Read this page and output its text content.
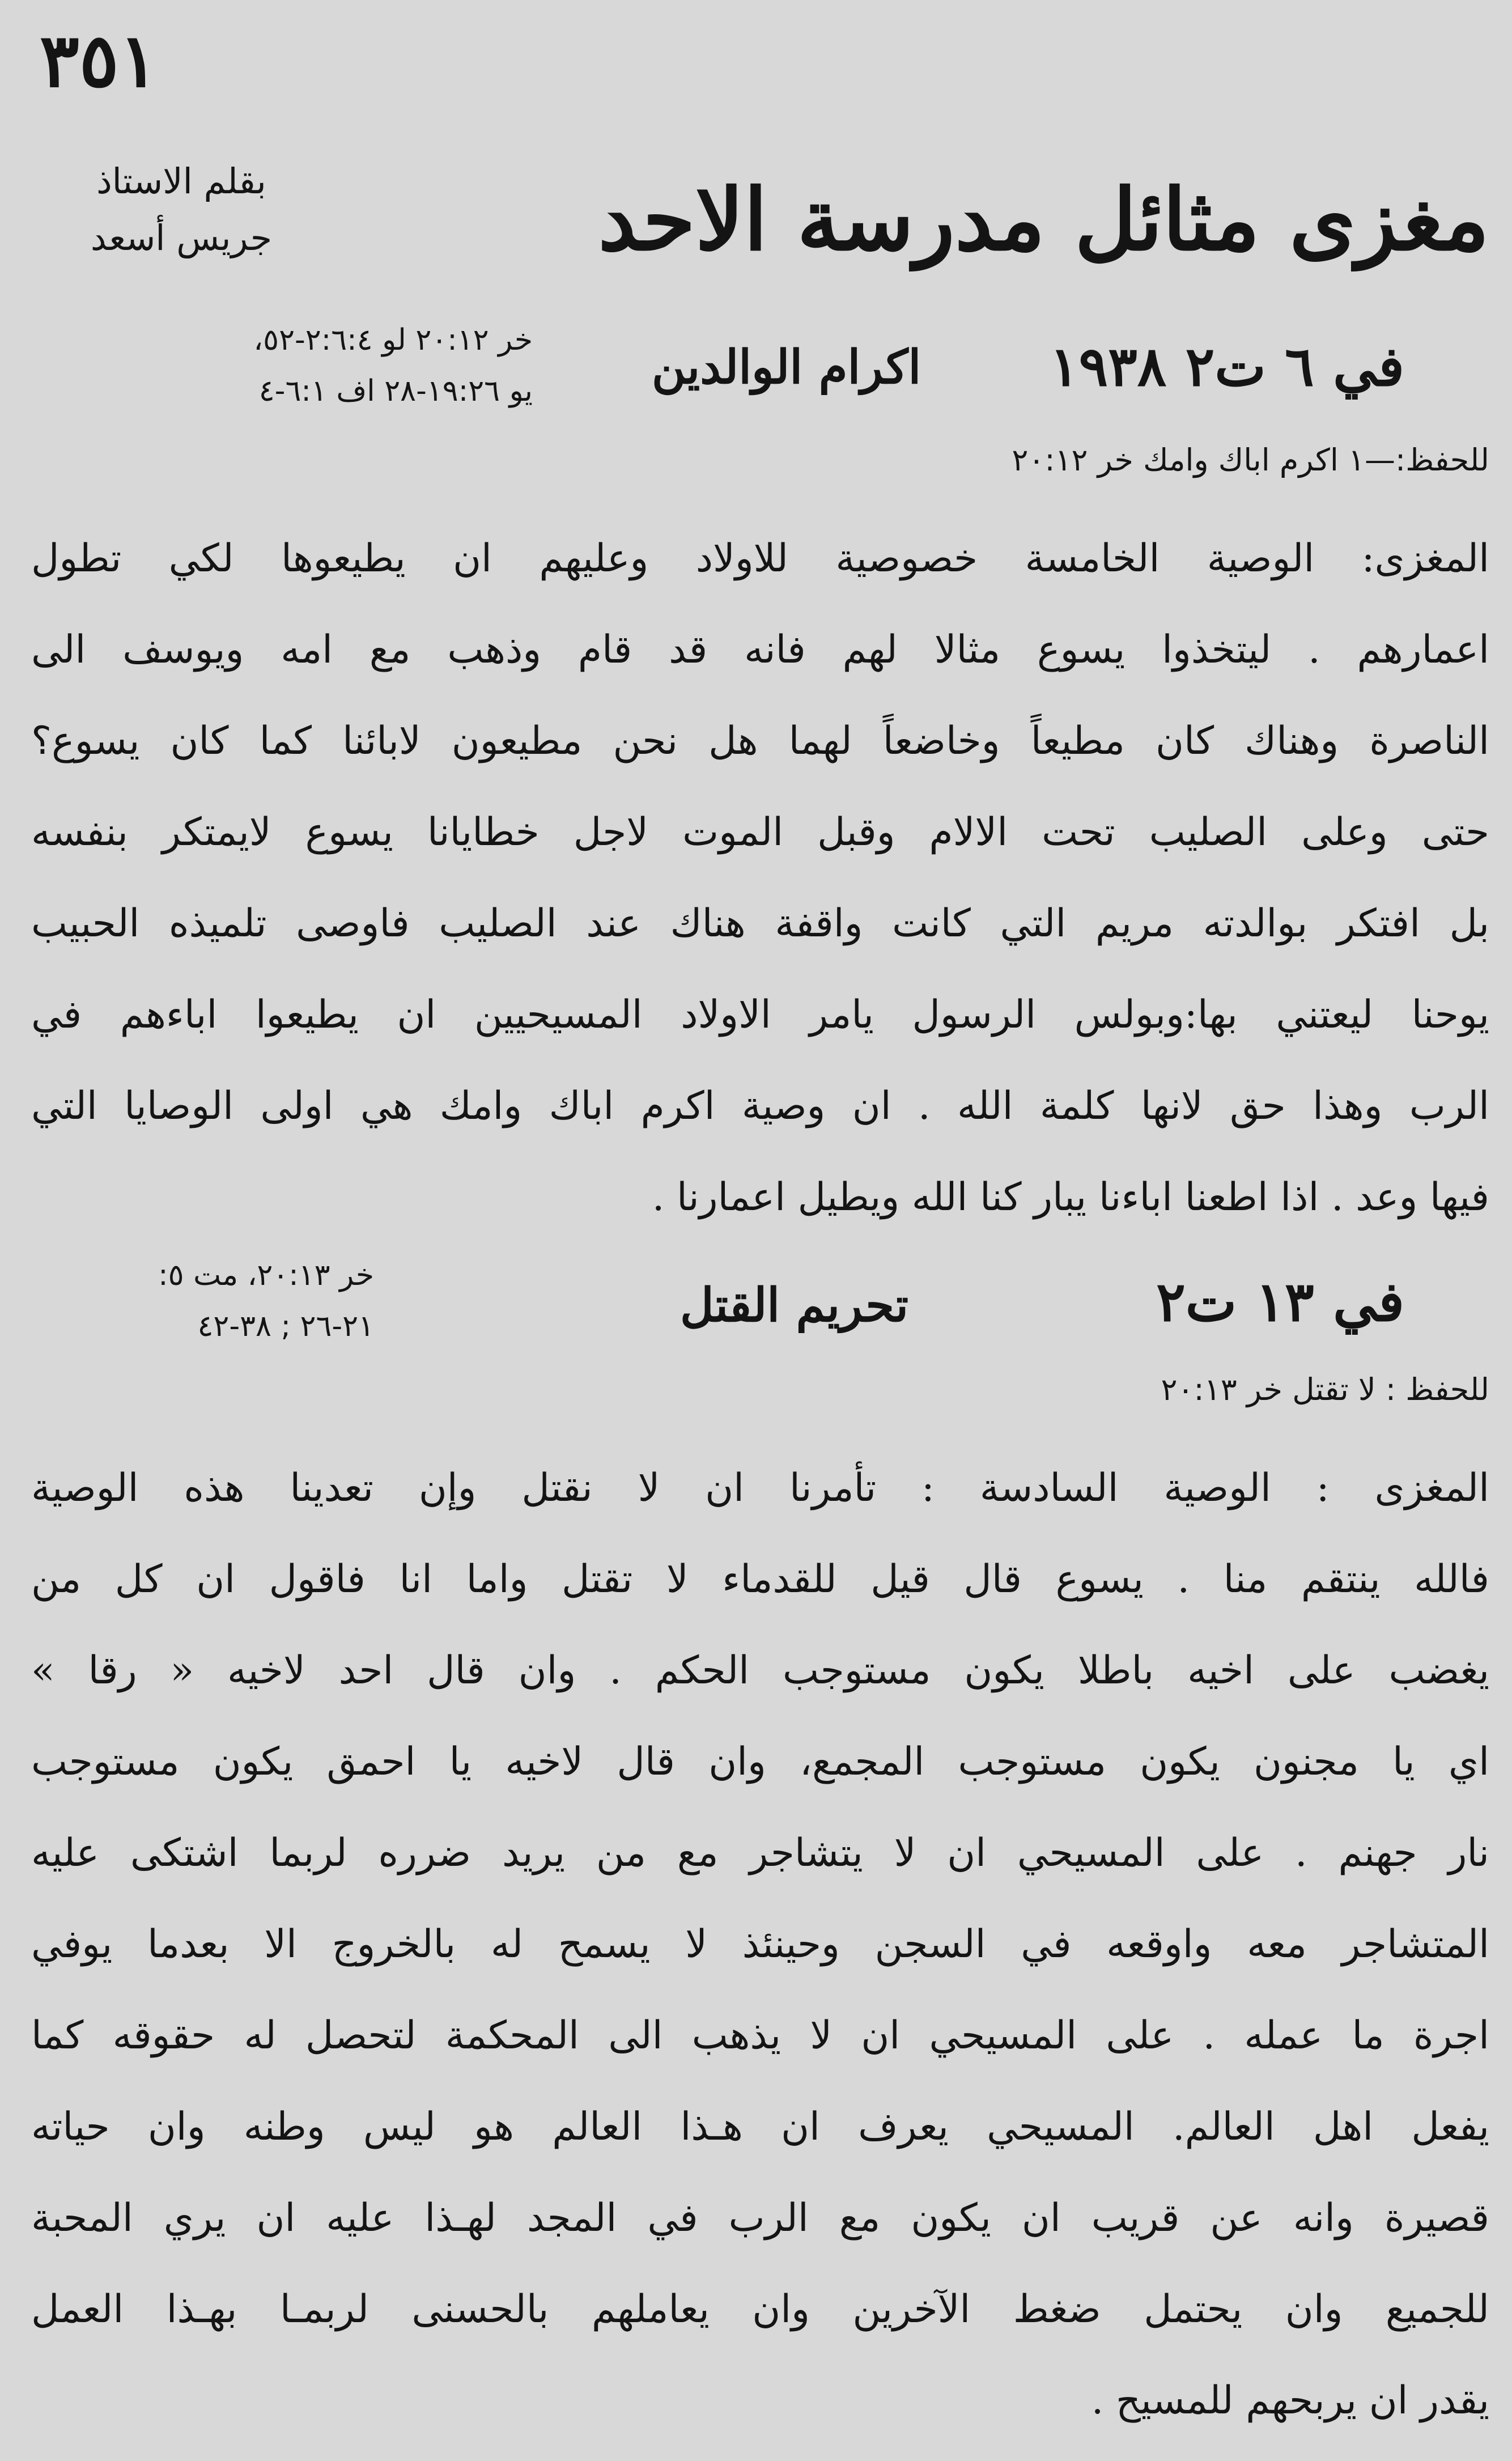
٣٥١
مغزى مثائل مدرسة الاحد
بقلم الاستاذ
جريس أسعد
في ٦ ت٢ ١٩٣٨
اكرام الوالدين
خر ٢٠:١٢ لو ٢:٦:٤-٥٢،
يو ١٩:٢٦-٢٨ اف ٦:١-٤
للحفظ:—١ اكرم اباك وامك خر ٢٠:١٢
المغزى: الوصية الخامسة خصوصية للاولاد وعليهم ان يطيعوها لكي تطول
اعمارهم . ليتخذوا يسوع مثالا لهم فانه قد قام وذهب مع امه ويوسف الى
الناصرة وهناك كان مطيعاً وخاضعاً لهما هل نحن مطيعون لابائنا كما كان يسوع؟
حتى وعلى الصليب تحت الالام وقبل الموت لاجل خطايانا يسوع لايمتكر بنفسه
بل افتكر بوالدته مريم التي كانت واقفة هناك عند الصليب فاوصى تلميذه الحبيب
يوحنا ليعتني بها:وبولس الرسول يامر الاولاد المسيحيين ان يطيعوا اباءهم في
الرب وهذا حق لانها كلمة الله . ان وصية اكرم اباك وامك هي اولى الوصايا التي
فيها وعد . اذا اطعنا اباءنا يبار كنا الله ويطيل اعمارنا .
في ١٣ ت٢
تحريم القتل
خر ٢٠:١٣، مت ٥:
٢١-٢٦ ; ٣٨-٤٢
للحفظ : لا تقتل خر ٢٠:١٣
المغزى : الوصية السادسة : تأمرنا ان لا نقتل وإن تعدينا هذه الوصية
فالله ينتقم منا . يسوع قال قيل للقدماء لا تقتل واما انا فاقول ان كل من
يغضب على اخيه باطلا يكون مستوجب الحكم . وان قال احد لاخيه « رقا »
اي يا مجنون يكون مستوجب المجمع، وان قال لاخيه يا احمق يكون مستوجب
نار جهنم . على المسيحي ان لا يتشاجر مع من يريد ضرره لربما اشتكى عليه
المتشاجر معه واوقعه في السجن وحينئذ لا يسمح له بالخروج الا بعدما يوفي
اجرة ما عمله . على المسيحي ان لا يذهب الى المحكمة لتحصل له حقوقه كما
يفعل اهل العالم. المسيحي يعرف ان هـذا العالم هو ليس وطنه وان حياته
قصيرة وانه عن قريب ان يكون مع الرب في المجد لهـذا عليه ان يري المحبة
للجميع وان يحتمل ضغط الآخرين وان يعاملهم بالحسنى لربمـا بهـذا العمل
يقدر ان يربحهم للمسيح .
